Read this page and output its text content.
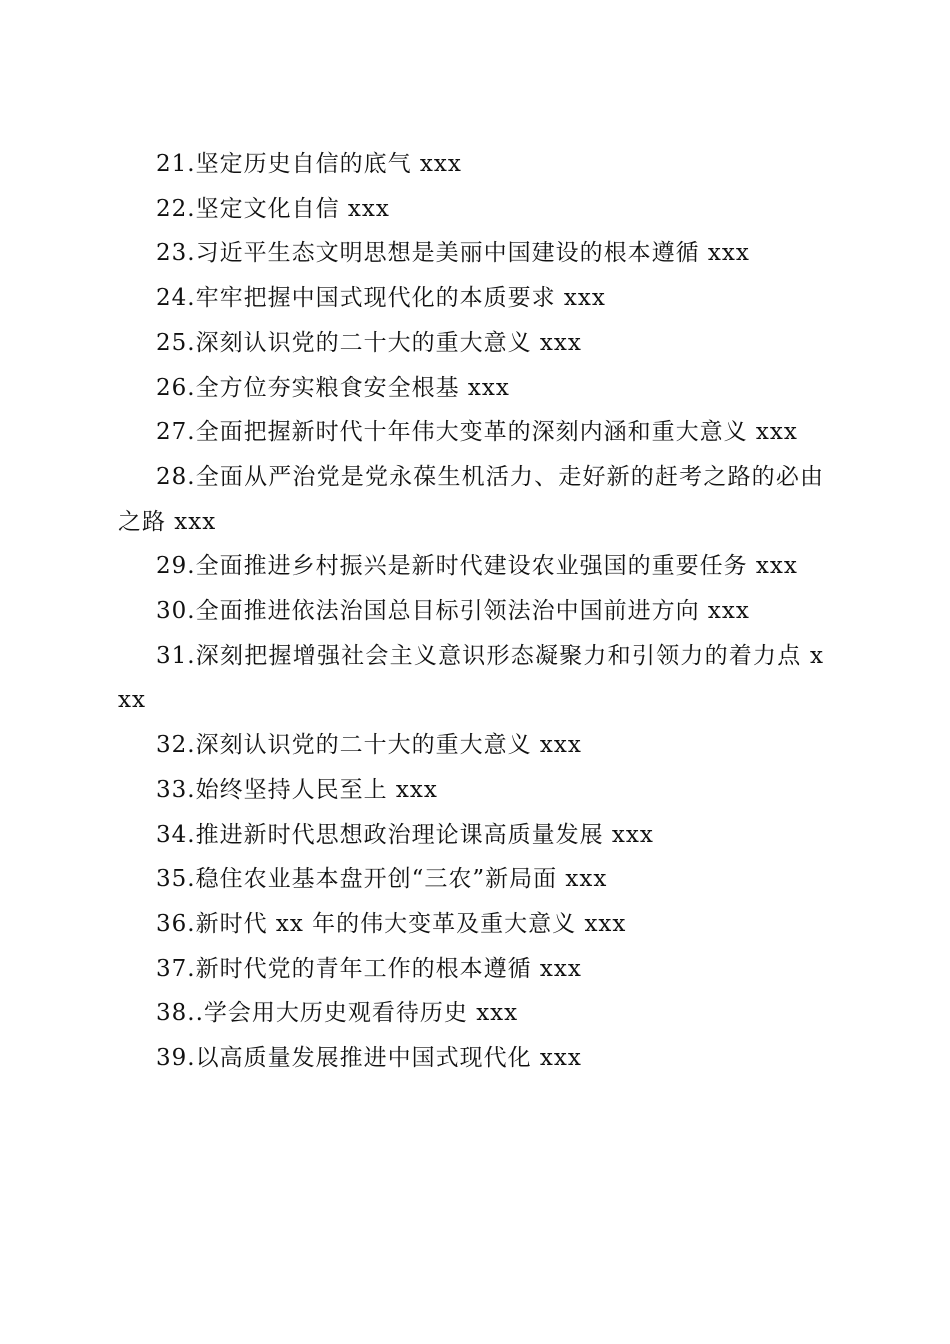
21.坚定历史自信的底气 xxx

22.坚定文化自信 xxx

23.习近平生态文明思想是美丽中国建设的根本遵循 xxx

24.牢牢把握中国式现代化的本质要求 xxx

25.深刻认识党的二十大的重大意义 xxx

26.全方位夯实粮食安全根基 xxx

27.全面把握新时代十年伟大变革的深刻内涵和重大意义 xxx

28.全面从严治党是党永葆生机活力、走好新的赶考之路的必由之路 xxx

29.全面推进乡村振兴是新时代建设农业强国的重要任务 xxx

30.全面推进依法治国总目标引领法治中国前进方向 xxx

31.深刻把握增强社会主义意识形态凝聚力和引领力的着力点 xxx

32.深刻认识党的二十大的重大意义 xxx

33.始终坚持人民至上 xxx

34.推进新时代思想政治理论课高质量发展 xxx

35.稳住农业基本盘开创“三农”新局面 xxx

36.新时代 xx 年的伟大变革及重大意义 xxx

37.新时代党的青年工作的根本遵循 xxx

38..学会用大历史观看待历史 xxx

39.以高质量发展推进中国式现代化 xxx
